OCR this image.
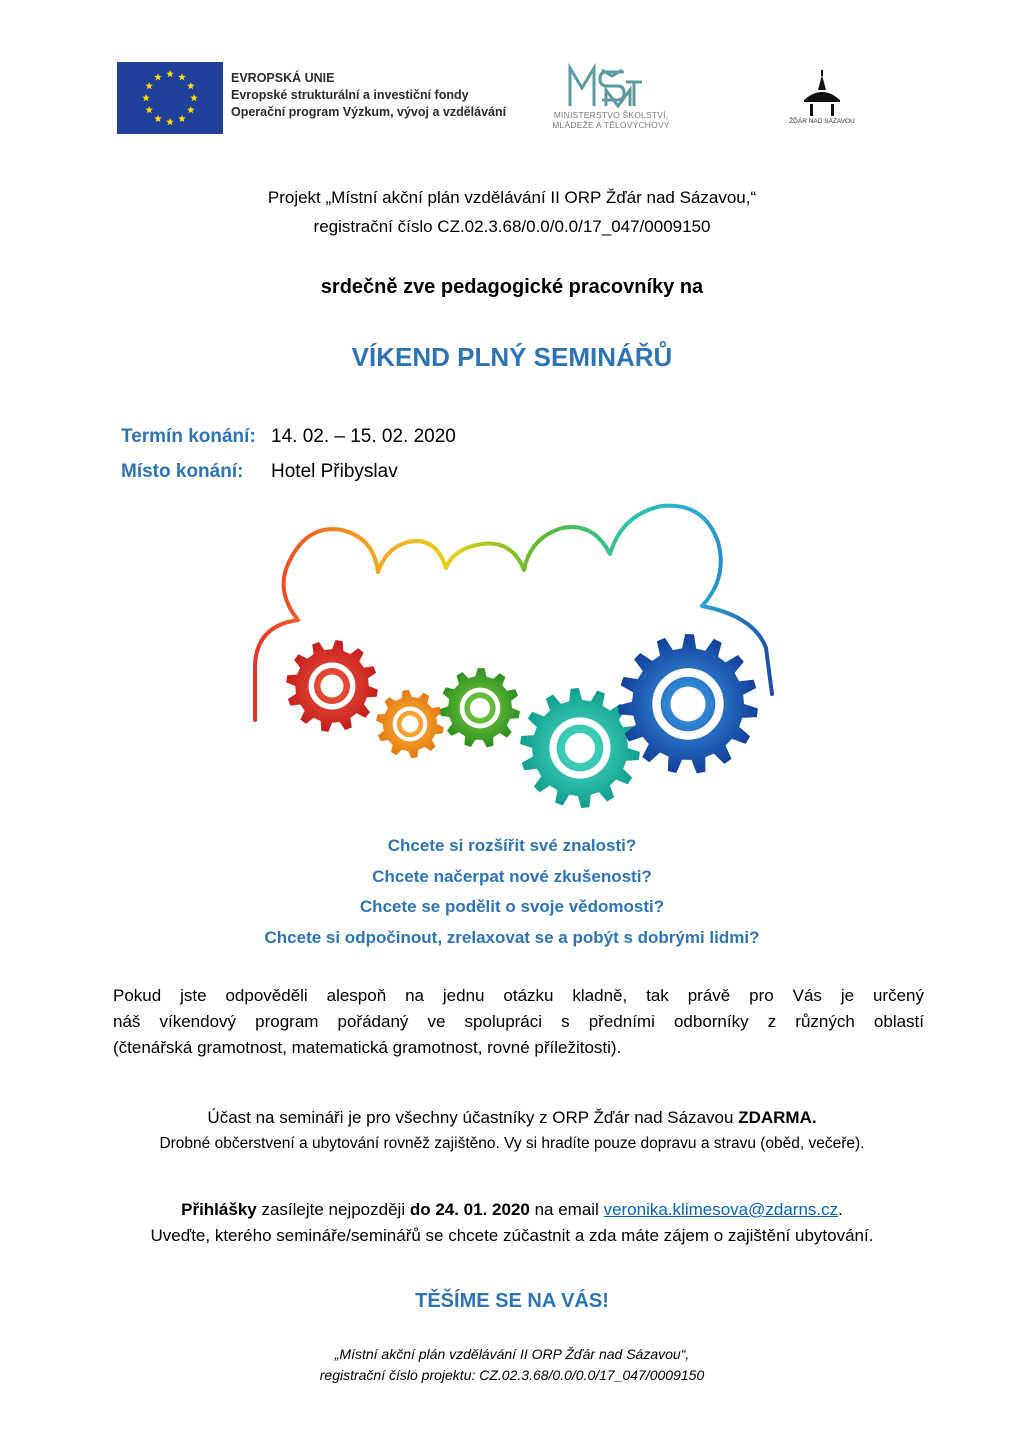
EVROPSKÁ UNIE
Evropské strukturální a investiční fondy
Operační program Výzkum, vývoj a vzdělávání	MINISTERSTVO ŠKOLSTVÍ,
MLÁDEŽE A TĚLOVÝCHOVY	ŽĎÁR NAD SÁZAVOU
Projekt „Místní akční plán vzdělávání II ORP Žďár nad Sázavou,“
registrační číslo CZ.02.3.68/0.0/0.0/17_047/0009150
srdečně zve pedagogické pracovníky na
VÍKEND PLNÝ SEMINÁŘŮ
Termín konání: 14. 02. – 15. 02. 2020
Místo konání: Hotel Přibyslav
Chcete si rozšířit své znalosti?
Chcete načerpat nové zkušenosti?
Chcete se podělit o svoje vědomosti?
Chcete si odpočinout, zrelaxovat se a pobýt s dobrými lidmi?
Pokud jste odpověděli alespoň na jednu otázku kladně, tak právě pro Vás je určený
náš víkendový program pořádaný ve spolupráci s předními odborníky z různých oblastí
(čtenářská gramotnost, matematická gramotnost, rovné příležitosti).
Účast na semináři je pro všechny účastníky z ORP Žďár nad Sázavou ZDARMA.
Drobné občerstvení a ubytování rovněž zajištěno. Vy si hradíte pouze dopravu a stravu (oběd, večeře).
Přihlášky zasílejte nejpozději do 24. 01. 2020 na email veronika.klimesova@zdarns.cz.
Uveďte, kterého semináře/seminářů se chcete zúčastnit a zda máte zájem o zajištění ubytování.
TĚŠÍME SE NA VÁS!
„Místní akční plán vzdělávání II ORP Žďár nad Sázavou“,
registrační číslo projektu: CZ.02.3.68/0.0/0.0/17_047/0009150
